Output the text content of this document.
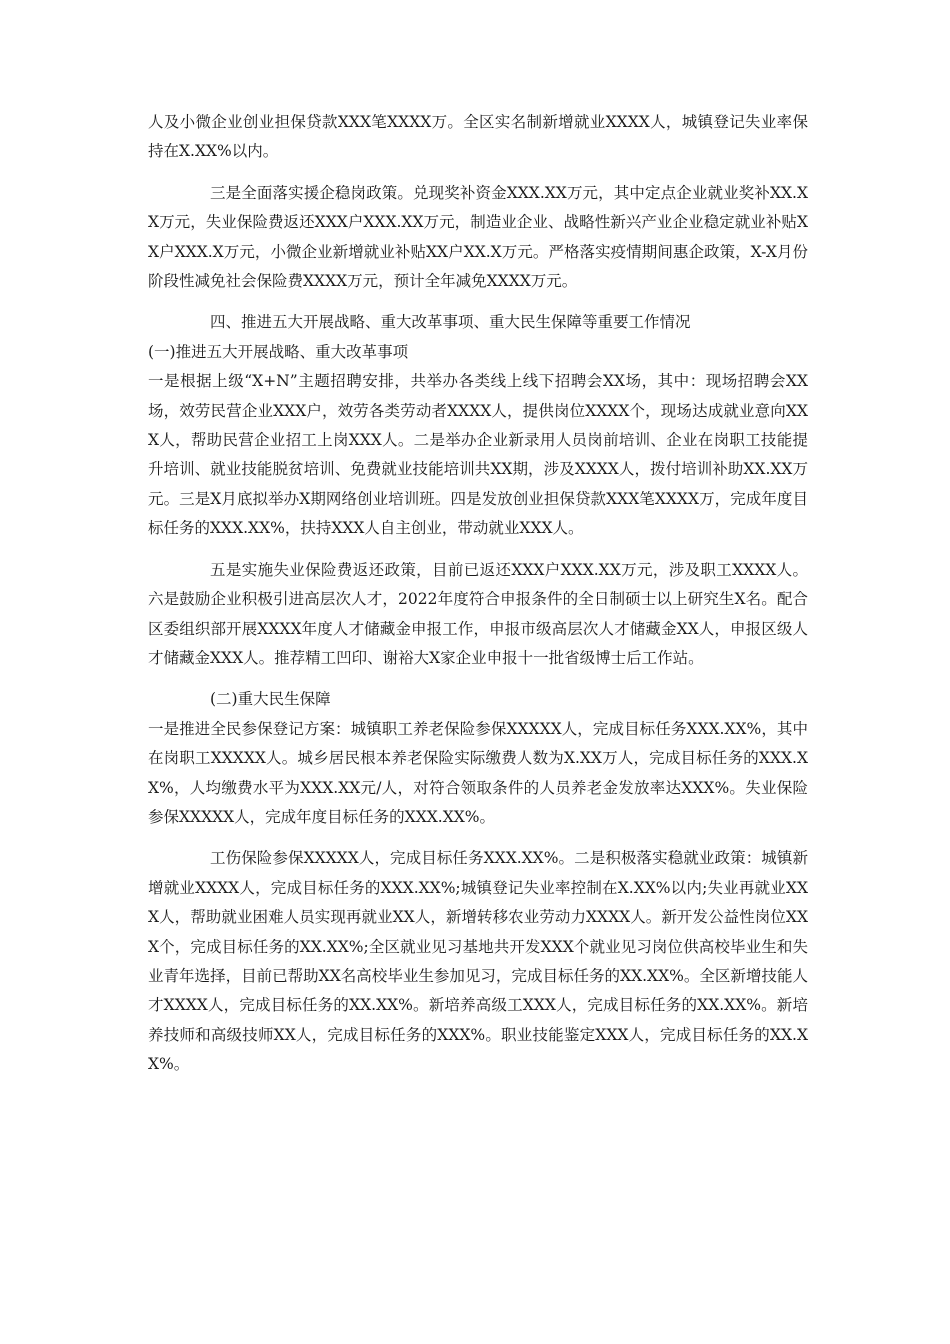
人及小微企业创业担保贷款XXX笔XXXX万。全区实名制新增就业XXXX人，城镇登记失业率保持在X.XX%以内。

三是全面落实援企稳岗政策。兑现奖补资金XXX.XX万元，其中定点企业就业奖补XX.XX万元，失业保险费返还XXX户XXX.XX万元，制造业企业、战略性新兴产业企业稳定就业补贴XX户XXX.X万元，小微企业新增就业补贴XX户XX.X万元。严格落实疫情期间惠企政策，X-X月份阶段性减免社会保险费XXXX万元，预计全年减免XXXX万元。

四、推进五大开展战略、重大改革事项、重大民生保障等重要工作情况

(一)推进五大开展战略、重大改革事项

一是根据上级“X+N”主题招聘安排，共举办各类线上线下招聘会XX场，其中：现场招聘会XX场，效劳民营企业XXX户，效劳各类劳动者XXXX人，提供岗位XXXX个，现场达成就业意向XXX人，帮助民营企业招工上岗XXX人。二是举办企业新录用人员岗前培训、企业在岗职工技能提升培训、就业技能脱贫培训、免费就业技能培训共XX期，涉及XXXX人，拨付培训补助XX.XX万元。三是X月底拟举办X期网络创业培训班。四是发放创业担保贷款XXX笔XXXX万，完成年度目标任务的XXX.XX%，扶持XXX人自主创业，带动就业XXX人。

五是实施失业保险费返还政策，目前已返还XXX户XXX.XX万元，涉及职工XXXX人。六是鼓励企业积极引进高层次人才，2022年度符合申报条件的全日制硕士以上研究生X名。配合区委组织部开展XXXX年度人才储藏金申报工作，申报市级高层次人才储藏金XX人，申报区级人才储藏金XXX人。推荐精工凹印、谢裕大X家企业申报十一批省级博士后工作站。

(二)重大民生保障

一是推进全民参保登记方案：城镇职工养老保险参保XXXXX人，完成目标任务XXX.XX%，其中在岗职工XXXXX人。城乡居民根本养老保险实际缴费人数为X.XX万人，完成目标任务的XXX.XX%，人均缴费水平为XXX.XX元/人，对符合领取条件的人员养老金发放率达XXX%。失业保险参保XXXXX人，完成年度目标任务的XXX.XX%。

工伤保险参保XXXXX人，完成目标任务XXX.XX%。二是积极落实稳就业政策：城镇新增就业XXXX人，完成目标任务的XXX.XX%;城镇登记失业率控制在X.XX%以内;失业再就业XXX人，帮助就业困难人员实现再就业XX人，新增转移农业劳动力XXXX人。新开发公益性岗位XXX个，完成目标任务的XX.XX%;全区就业见习基地共开发XXX个就业见习岗位供高校毕业生和失业青年选择，目前已帮助XX名高校毕业生参加见习，完成目标任务的XX.XX%。全区新增技能人才XXXX人，完成目标任务的XX.XX%。新培养高级工XXX人，完成目标任务的XX.XX%。新培养技师和高级技师XX人，完成目标任务的XXX%。职业技能鉴定XXX人，完成目标任务的XX.XX%。
